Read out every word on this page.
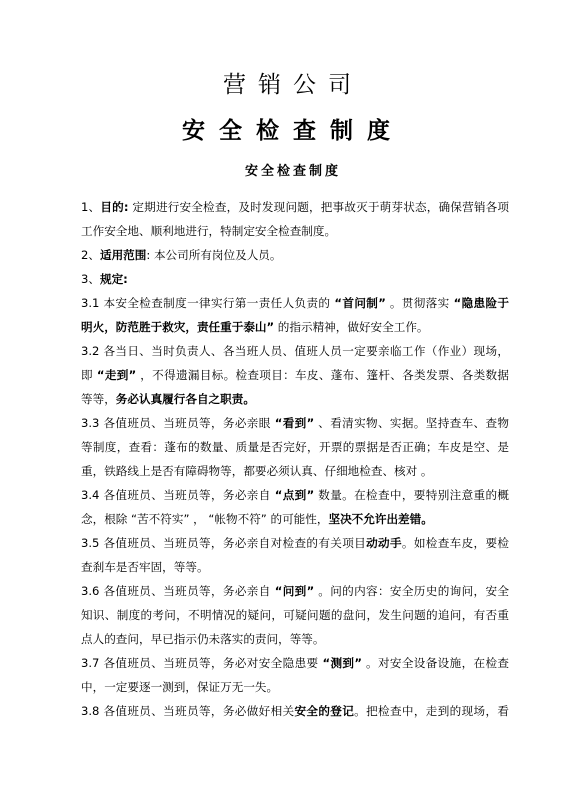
营销公司
安全检查制度
安全检查制度
1、目的: 定期进行安全检查，及时发现问题，把事故灭于萌芽状态，确保营销各项
工作安全地、顺利地进行，特制定安全检查制度。
2、适用范围: 本公司所有岗位及人员。
3、规定:
3.1 本安全检查制度一律实行第一责任人负责的 “首问制” 。贯彻落实 “隐患险于
明火，防范胜于救灾，责任重于泰山” 的指示精神，做好安全工作。
3.2 各当日、当时负责人、各当班人员、值班人员一定要亲临工作（作业）现场，
即 “走到” ，不得遗漏目标。检查项目：车皮、蓬布、篷杆、各类发票、各类数据
等等，务必认真履行各自之职责。
3.3 各值班员、当班员等，务必亲眼 “看到” 、看清实物、实据。坚持查车、查物
等制度，查看：蓬布的数量、质量是否完好，开票的票据是否正确；车皮是空、是
重，铁路线上是否有障碍物等，都要必须认真、仔细地检查、核对 。
3.4 各值班员、当班员等，务必亲自 “点到” 数量。在检查中，要特别注意重的概
念，根除 “苦不符实” ， “帐物不符” 的可能性，坚决不允许出差错。
3.5 各值班员、当班员等，务必亲自对检查的有关项目动动手。如检查车皮，要检
查刹车是否牢固，等等。
3.6 各值班员、当班员等，务必亲自 “问到” 。问的内容：安全历史的询问，安全
知识、制度的考问，不明情况的疑问，可疑问题的盘问，发生问题的追问，有否重
点人的查问，早已指示仍未落实的责问，等等。
3.7 各值班员、当班员等，务必对安全隐患要 “测到” 。对安全设备设施，在检查
中，一定要逐一测到，保证万无一失。
3.8 各值班员、当班员等，务必做好相关安全的登记。把检查中，走到的现场，看
